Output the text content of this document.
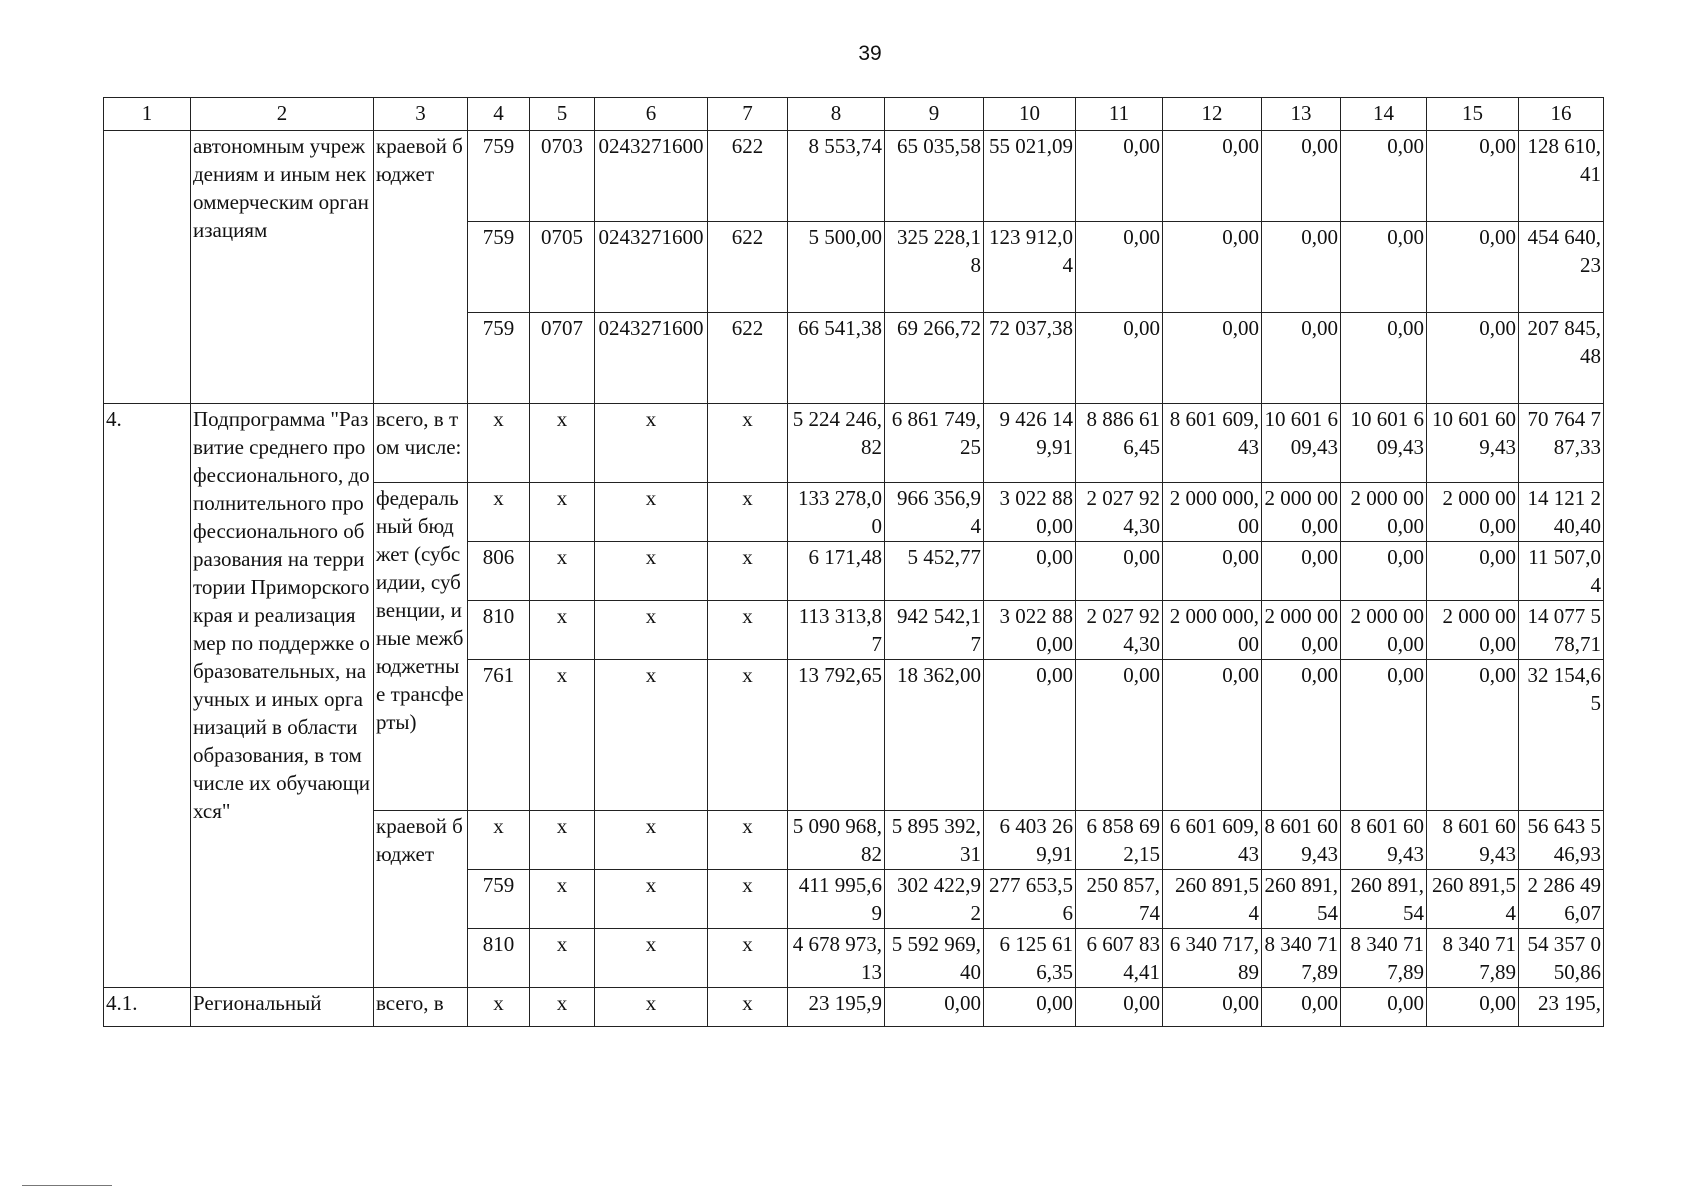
39
1	2	3	4	5	6	7	8	9	10	11	12	13	14	15	16
	автономным учреждениям и иным некоммерческим организациям	краевой бюджет	759	0703	0243271600	622	8 553,74	65 035,58	55 021,09	0,00	0,00	0,00	0,00	0,00	128 610,41
			759	0705	0243271600	622	5 500,00	325 228,18	123 912,04	0,00	0,00	0,00	0,00	0,00	454 640,23
			759	0707	0243271600	622	66 541,38	69 266,72	72 037,38	0,00	0,00	0,00	0,00	0,00	207 845,48
4.	Подпрограмма "Развитие среднего профессионального, дополнительного профессионального образования на территории Приморского края и реализация мер по поддержке образовательных, научных и иных организаций в области образования, в том числе их обучающихся"	всего, в том числе:	x	x	x	x	5 224 246,82	6 861 749,25	9 426 149,91	8 886 616,45	8 601 609,43	10 601 609,43	10 601 609,43	10 601 609,43	70 764 787,33
		федеральный бюджет (субсидии, субвенции, иные межбюджетные трансферты)	x	x	x	x	133 278,00	966 356,94	3 022 880,00	2 027 924,30	2 000 000,00	2 000 000,00	2 000 000,00	2 000 000,00	14 121 240,40
			806	x	x	x	6 171,48	5 452,77	0,00	0,00	0,00	0,00	0,00	0,00	11 507,04
			810	x	x	x	113 313,87	942 542,17	3 022 880,00	2 027 924,30	2 000 000,00	2 000 000,00	2 000 000,00	2 000 000,00	14 077 578,71
			761	x	x	x	13 792,65	18 362,00	0,00	0,00	0,00	0,00	0,00	0,00	32 154,65
		краевой бюджет	x	x	x	x	5 090 968,82	5 895 392,31	6 403 269,91	6 858 692,15	6 601 609,43	8 601 609,43	8 601 609,43	8 601 609,43	56 643 546,93
			759	x	x	x	411 995,69	302 422,92	277 653,56	250 857,74	260 891,54	260 891,54	260 891,54	260 891,54	2 286 496,07
			810	x	x	x	4 678 973,13	5 592 969,40	6 125 616,35	6 607 834,41	6 340 717,89	8 340 717,89	8 340 717,89	8 340 717,89	54 357 050,86
4.1.	Региональный	всего, в	x	x	x	x	23 195,9	0,00	0,00	0,00	0,00	0,00	0,00	0,00	23 195,
